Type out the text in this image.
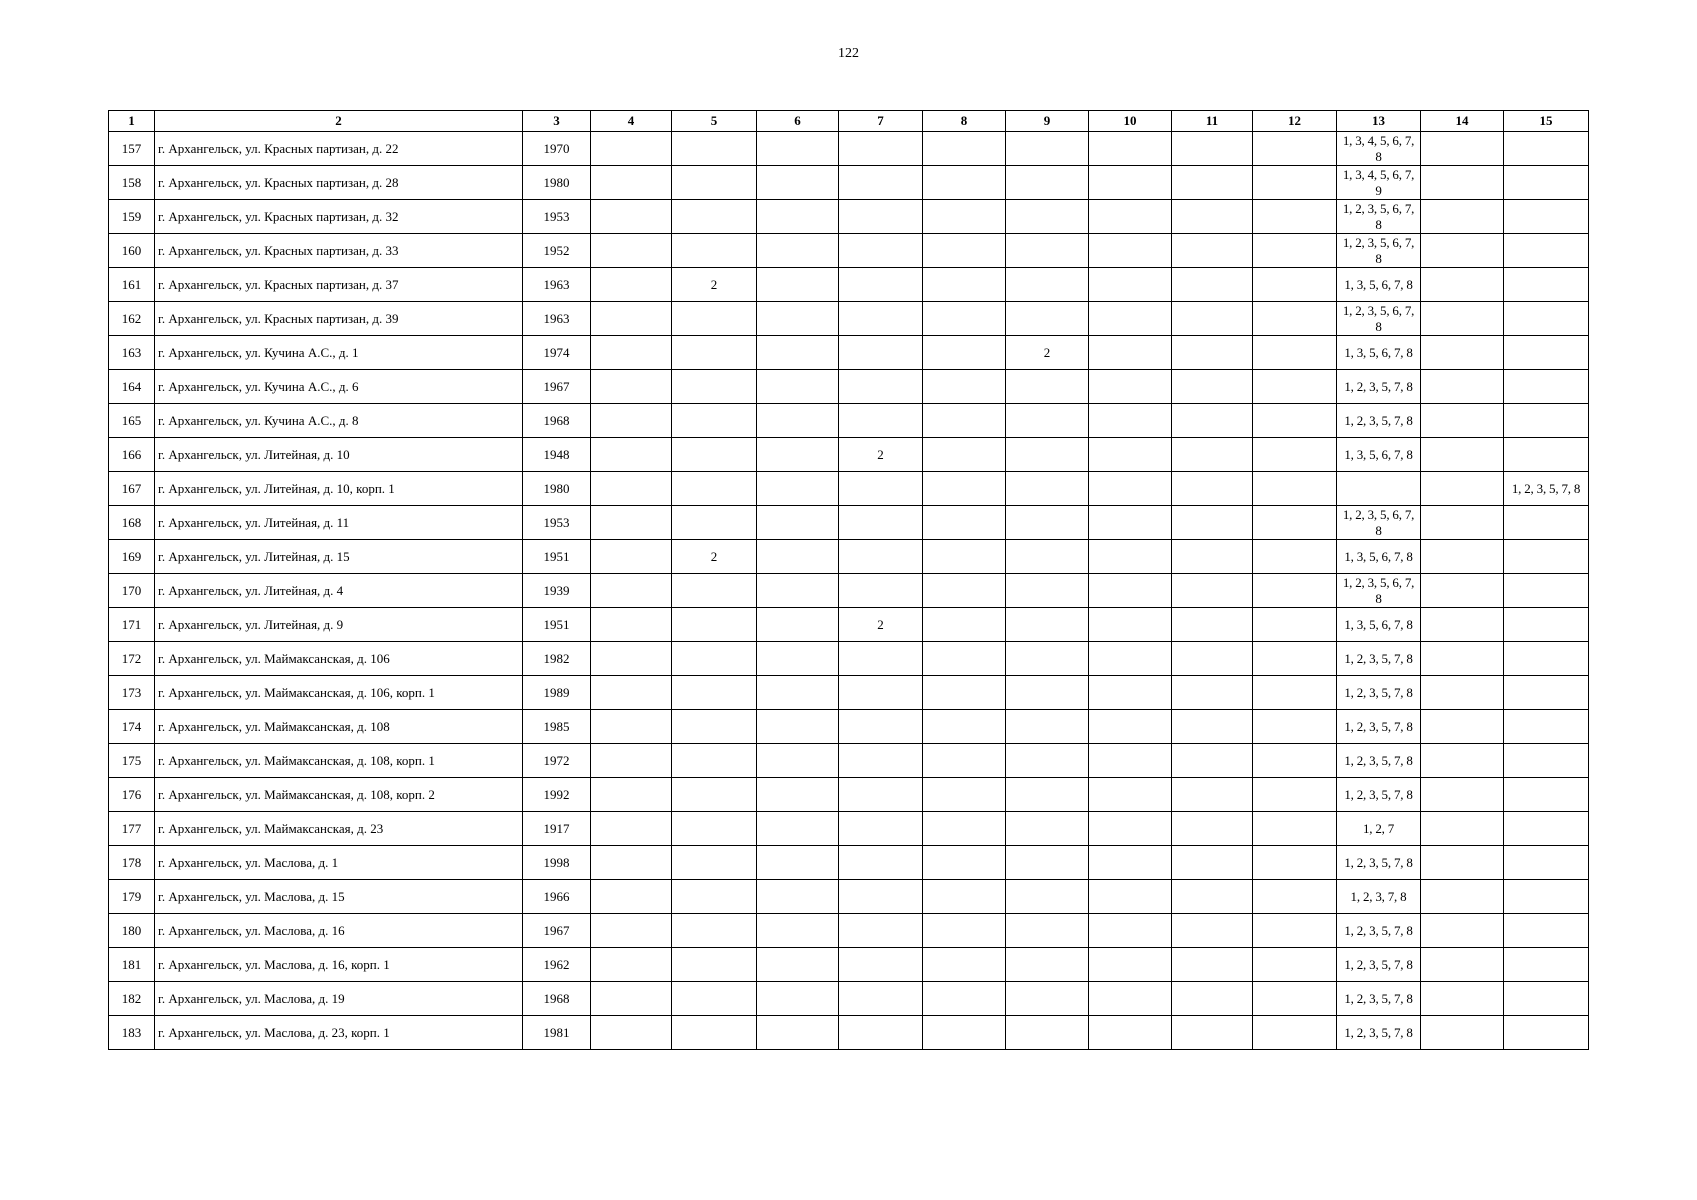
122
1	2	3	4	5	6	7	8	9	10	11	12	13	14	15
157	г. Архангельск, ул. Красных партизан, д. 22	1970										1, 3, 4, 5, 6, 7, 8		
158	г. Архангельск, ул. Красных партизан, д. 28	1980										1, 3, 4, 5, 6, 7, 9		
159	г. Архангельск, ул. Красных партизан, д. 32	1953										1, 2, 3, 5, 6, 7, 8		
160	г. Архангельск, ул. Красных партизан, д. 33	1952										1, 2, 3, 5, 6, 7, 8		
161	г. Архангельск, ул. Красных партизан, д. 37	1963		2								1, 3, 5, 6, 7, 8		
162	г. Архангельск, ул. Красных партизан, д. 39	1963										1, 2, 3, 5, 6, 7, 8		
163	г. Архангельск, ул. Кучина А.С., д. 1	1974						2				1, 3, 5, 6, 7, 8		
164	г. Архангельск, ул. Кучина А.С., д. 6	1967										1, 2, 3, 5, 7, 8		
165	г. Архангельск, ул. Кучина А.С., д. 8	1968										1, 2, 3, 5, 7, 8		
166	г. Архангельск, ул. Литейная, д. 10	1948				2						1, 3, 5, 6, 7, 8		
167	г. Архангельск, ул. Литейная, д. 10, корп. 1	1980												1, 2, 3, 5, 7, 8
168	г. Архангельск, ул. Литейная, д. 11	1953										1, 2, 3, 5, 6, 7, 8		
169	г. Архангельск, ул. Литейная, д. 15	1951		2								1, 3, 5, 6, 7, 8		
170	г. Архангельск, ул. Литейная, д. 4	1939										1, 2, 3, 5, 6, 7, 8		
171	г. Архангельск, ул. Литейная, д. 9	1951				2						1, 3, 5, 6, 7, 8		
172	г. Архангельск, ул. Маймаксанская, д. 106	1982										1, 2, 3, 5, 7, 8		
173	г. Архангельск, ул. Маймаксанская, д. 106, корп. 1	1989										1, 2, 3, 5, 7, 8		
174	г. Архангельск, ул. Маймаксанская, д. 108	1985										1, 2, 3, 5, 7, 8		
175	г. Архангельск, ул. Маймаксанская, д. 108, корп. 1	1972										1, 2, 3, 5, 7, 8		
176	г. Архангельск, ул. Маймаксанская, д. 108, корп. 2	1992										1, 2, 3, 5, 7, 8		
177	г. Архангельск, ул. Маймаксанская, д. 23	1917										1, 2, 7		
178	г. Архангельск, ул. Маслова, д. 1	1998										1, 2, 3, 5, 7, 8		
179	г. Архангельск, ул. Маслова, д. 15	1966										1, 2, 3, 7, 8		
180	г. Архангельск, ул. Маслова, д. 16	1967										1, 2, 3, 5, 7, 8		
181	г. Архангельск, ул. Маслова, д. 16, корп. 1	1962										1, 2, 3, 5, 7, 8		
182	г. Архангельск, ул. Маслова, д. 19	1968										1, 2, 3, 5, 7, 8		
183	г. Архангельск, ул. Маслова, д. 23, корп. 1	1981										1, 2, 3, 5, 7, 8		
